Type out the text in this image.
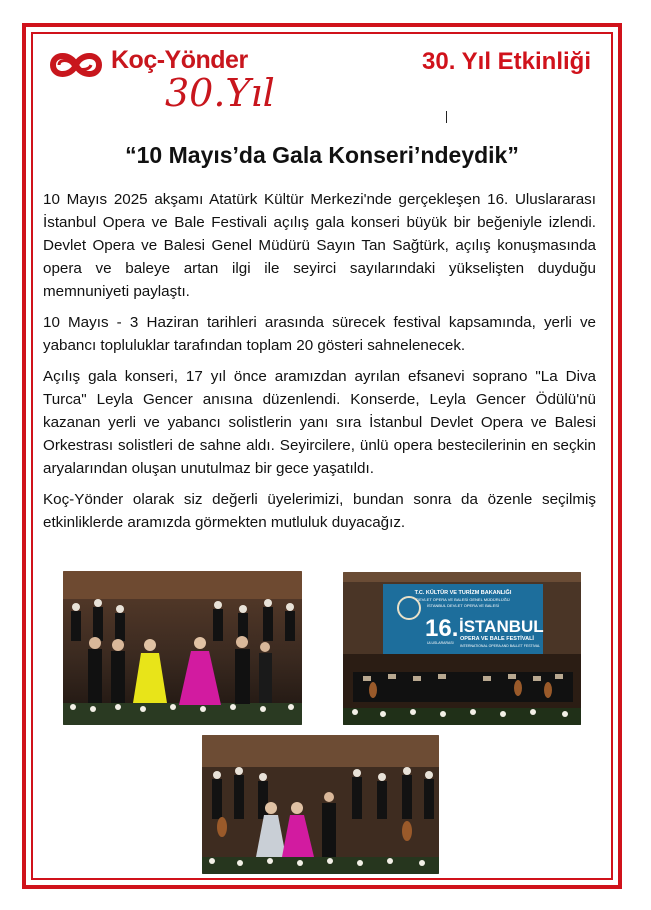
Koç-Yönder
30.Yıl
30. Yıl Etkinliği
“10 Mayıs’da Gala Konseri’ndeydik”

10 Mayıs 2025 akşamı Atatürk Kültür Merkezi'nde gerçekleşen 16. Uluslararası İstanbul Opera ve Bale Festivali açılış gala konseri büyük bir beğeniyle izlendi. Devlet Opera ve Balesi Genel Müdürü Sayın Tan Sağtürk, açılış konuşmasında opera ve baleye artan ilgi ile seyirci sayılarındaki yükselişten duyduğu memnuniyeti paylaştı.

10 Mayıs - 3 Haziran tarihleri arasında sürecek festival kapsamında, yerli ve yabancı topluluklar tarafından toplam 20 gösteri sahnelenecek.

Açılış gala konseri, 17 yıl önce aramızdan ayrılan efsanevi soprano "La Diva Turca" Leyla Gencer anısına düzenlendi. Konserde, Leyla Gencer Ödülü'nü kazanan yerli ve yabancı solistlerin yanı sıra İstanbul Devlet Opera ve Balesi Orkestrası solistleri de sahne aldı. Seyircilere, ünlü opera bestecilerinin en seçkin aryalarından oluşan unutulmaz bir gece yaşatıldı.

Koç-Yönder olarak siz değerli üyelerimizi, bundan sonra da özenle seçilmiş etkinliklerde aramızda görmekten mutluluk duyacağız.

T.C. KÜLTÜR VE TURİZM BAKANLIĞI
DEVLET OPERA VE BALESİ GENEL MÜDÜRLÜĞÜ
İSTANBUL DEVLET OPERA VE BALESİ
16.
ULUSLARARASI
İSTANBUL
OPERA VE BALE FESTİVALİ
INTERNATIONAL OPERA AND BALLET FESTIVAL
